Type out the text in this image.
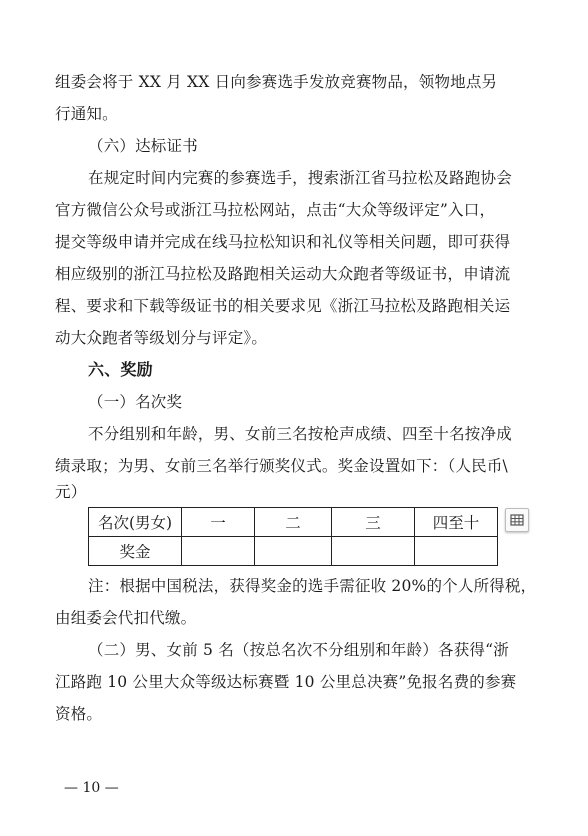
组委会将于 XX 月 XX 日向参赛选手发放竞赛物品，领物地点另
行通知。
（六）达标证书
在规定时间内完赛的参赛选手，搜索浙江省马拉松及路跑协会
官方微信公众号或浙江马拉松网站，点击“大众等级评定”入口，
提交等级申请并完成在线马拉松知识和礼仪等相关问题，即可获得
相应级别的浙江马拉松及路跑相关运动大众跑者等级证书，申请流
程、要求和下载等级证书的相关要求见《浙江马拉松及路跑相关运
动大众跑者等级划分与评定》。
六、奖励
（一）名次奖
不分组别和年龄，男、女前三名按枪声成绩、四至十名按净成
绩录取；为男、女前三名举行颁奖仪式。奖金设置如下：（人民币\
元）
名次(男女)	一	二	三	四至十
奖金				
注：根据中国税法，获得奖金的选手需征收 20%的个人所得税，
由组委会代扣代缴。
（二）男、女前 5 名（按总名次不分组别和年龄）各获得“浙
江路跑 10 公里大众等级达标赛暨 10 公里总决赛”免报名费的参赛
资格。
— 10 —
